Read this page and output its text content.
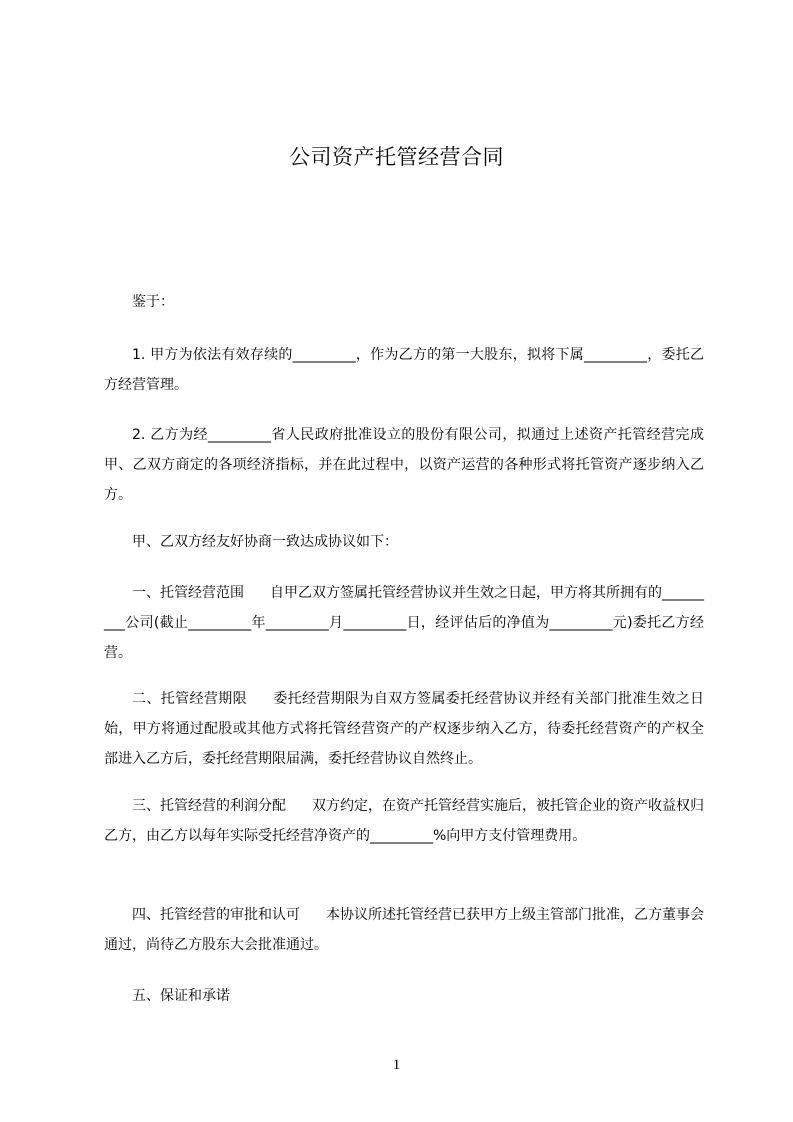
公司资产托管经营合同
鉴于：
1. 甲方为依法有效存续的_________，作为乙方的第一大股东，拟将下属_________，委托乙方经营管理。
2. 乙方为经_________省人民政府批准设立的股份有限公司，拟通过上述资产托管经营完成甲、乙双方商定的各项经济指标，并在此过程中，以资产运营的各种形式将托管资产逐步纳入乙方。
甲、乙双方经友好协商一致达成协议如下：
一、托管经营范围 自甲乙双方签属托管经营协议并生效之日起，甲方将其所拥有的_________公司(截止_________年_________月_________日，经评估后的净值为_________元)委托乙方经营。
二、托管经营期限 委托经营期限为自双方签属委托经营协议并经有关部门批准生效之日始，甲方将通过配股或其他方式将托管经营资产的产权逐步纳入乙方，待委托经营资产的产权全部进入乙方后，委托经营期限届满，委托经营协议自然终止。
三、托管经营的利润分配 双方约定，在资产托管经营实施后，被托管企业的资产收益权归乙方，由乙方以每年实际受托经营净资产的_________%向甲方支付管理费用。
四、托管经营的审批和认可 本协议所述托管经营已获甲方上级主管部门批准，乙方董事会通过，尚待乙方股东大会批准通过。
五、保证和承诺
1
